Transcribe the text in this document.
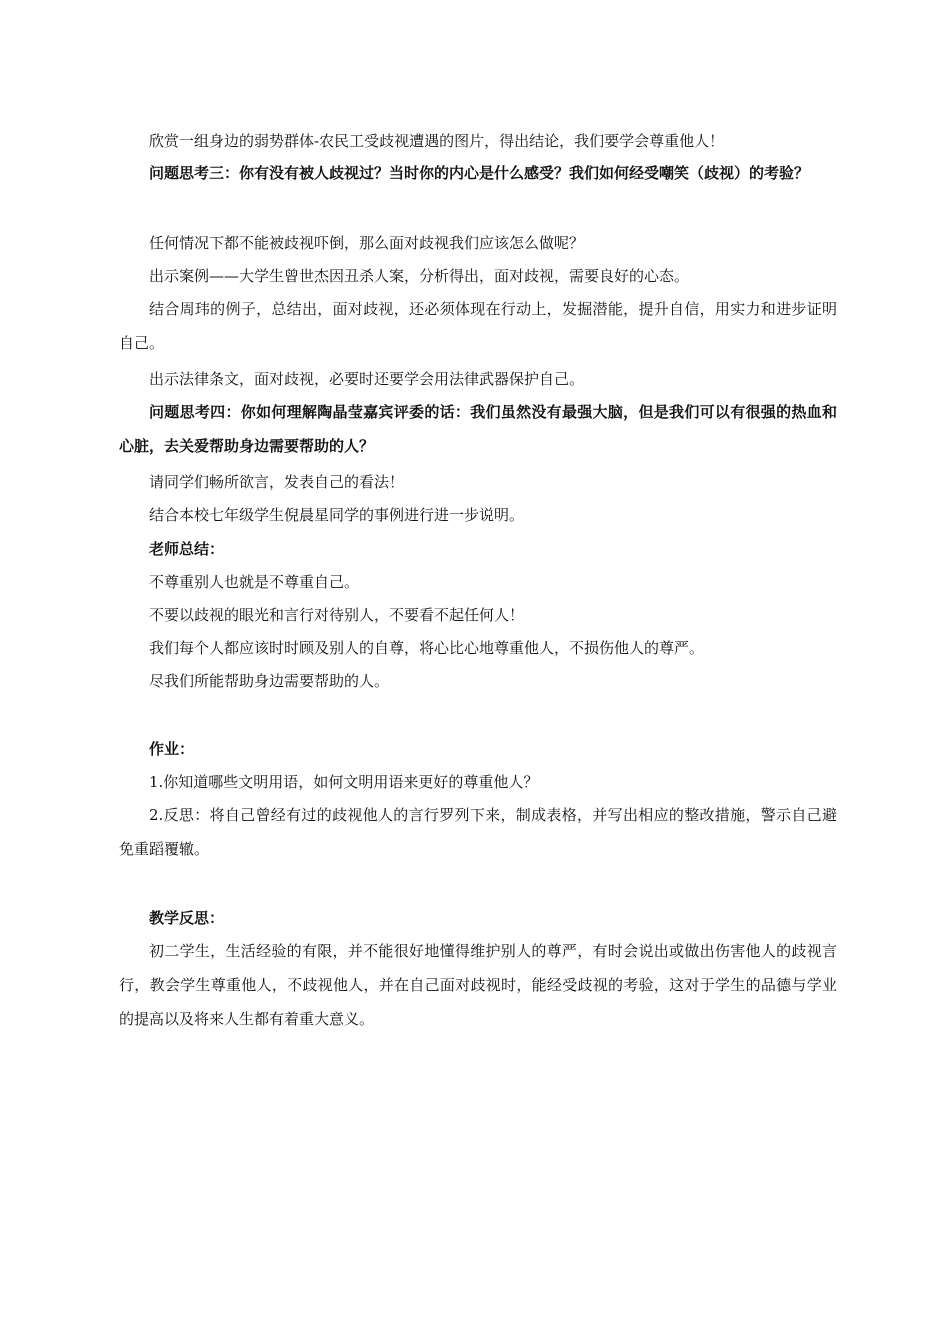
欣赏一组身边的弱势群体-农民工受歧视遭遇的图片，得出结论，我们要学会尊重他人！

问题思考三：你有没有被人歧视过？当时你的内心是什么感受？我们如何经受嘲笑（歧视）的考验？

任何情况下都不能被歧视吓倒，那么面对歧视我们应该怎么做呢？

出示案例——大学生曾世杰因丑杀人案，分析得出，面对歧视，需要良好的心态。

结合周玮的例子，总结出，面对歧视，还必须体现在行动上，发掘潜能，提升自信，用实力和进步证明自己。

出示法律条文，面对歧视，必要时还要学会用法律武器保护自己。

问题思考四：你如何理解陶晶莹嘉宾评委的话：我们虽然没有最强大脑，但是我们可以有很强的热血和心脏，去关爱帮助身边需要帮助的人？

请同学们畅所欲言，发表自己的看法！

结合本校七年级学生倪晨星同学的事例进行进一步说明。

老师总结：

不尊重别人也就是不尊重自己。

不要以歧视的眼光和言行对待别人，不要看不起任何人！

我们每个人都应该时时顾及别人的自尊，将心比心地尊重他人，不损伤他人的尊严。

尽我们所能帮助身边需要帮助的人。

作业：

1.你知道哪些文明用语，如何文明用语来更好的尊重他人？

2.反思：将自己曾经有过的歧视他人的言行罗列下来，制成表格，并写出相应的整改措施，警示自己避免重蹈覆辙。

教学反思：

初二学生，生活经验的有限，并不能很好地懂得维护别人的尊严，有时会说出或做出伤害他人的歧视言行，教会学生尊重他人，不歧视他人，并在自己面对歧视时，能经受歧视的考验，这对于学生的品德与学业的提高以及将来人生都有着重大意义。
